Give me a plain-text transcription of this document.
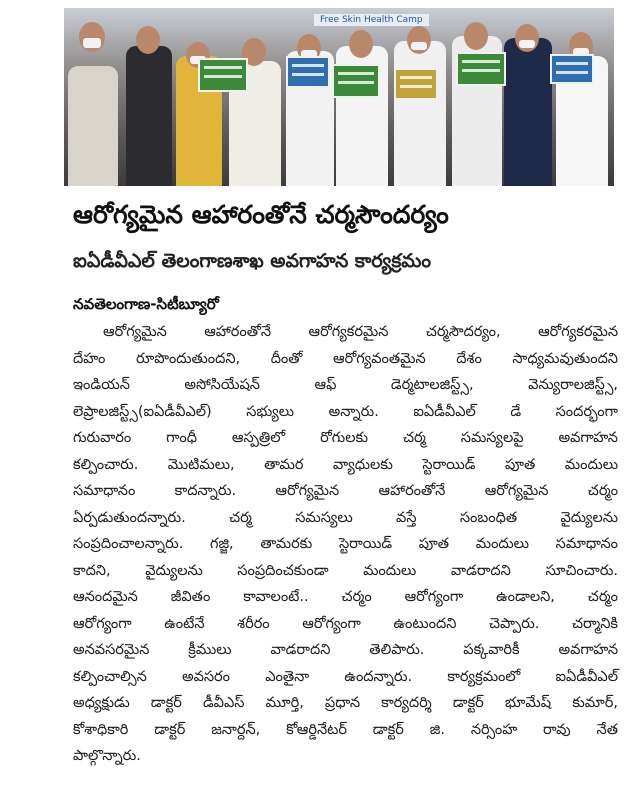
Free Skin Health Camp
ఆరోగ్యమైన ఆహారంతోనే చర్మసౌందర్యం
ఐఏడీవీఎల్ తెలంగాణశాఖ అవగాహన కార్యక్రమం
నవతెలంగాణ-సిటీబ్యూరో
ఆరోగ్యమైన ఆహారంతోనే ఆరోగ్యకరమైన చర్మసౌదర్యం, ఆరోగ్యకరమైన
దేహం రూపొందుతుందని, దీంతో ఆరోగ్యవంతమైన దేశం సాధ్యమవుతుందని
ఇండియన్ అసోసియేషన్ ఆఫ్ డెర్మటాలజిస్ట్స్, వెన్యురాలజిస్ట్స్,
లెప్రాలజిస్ట్స్(ఐఏడీవీఎల్) సభ్యులు అన్నారు. ఐఏడీవీఎల్ డే సందర్భంగా
గురువారం గాంధీ ఆస్పత్రిలో రోగులకు చర్మ సమస్యలపై అవగాహన
కల్పించారు. మొటిమలు, తామర వ్యాధులకు స్టెరాయిడ్ పూత మందులు
సమాధానం కాదన్నారు. ఆరోగ్యమైన ఆహారంతోనే ఆరోగ్యమైన చర్మం
ఏర్పడుతుందన్నారు. చర్మ సమస్యలు వస్తే సంబంధిత వైద్యులను
సంప్రదించాలన్నారు. గజ్జి, తామరకు స్టెరాయిడ్ పూత మందులు సమాధానం
కాదని, వైద్యులను సంప్రదించకుండా మందులు వాడరాదని సూచించారు.
ఆనందమైన జీవితం కావాలంటే.. చర్మం ఆరోగ్యంగా ఉండాలని, చర్మం
ఆరోగ్యంగా ఉంటేనే శరీరం ఆరోగ్యంగా ఉంటుందని చెప్పారు. చర్మానికి
అనవసరమైన క్రీములు వాడరాదని తెలిపారు. పక్కవారికీ అవగాహన
కల్పించాల్సిన అవసరం ఎంతైనా ఉందన్నారు. కార్యక్రమంలో ఐఏడీవీఎల్
అధ్యక్షుడు డాక్టర్ డీవీఎస్ మూర్తి, ప్రధాన కార్యదర్శి డాక్టర్ భూమేష్ కుమార్,
కోశాధికారి డాక్టర్ జనార్దన్, కోఆర్డినేటర్ డాక్టర్ జి. నర్సింహ రావు నేత
పాల్గొన్నారు.
